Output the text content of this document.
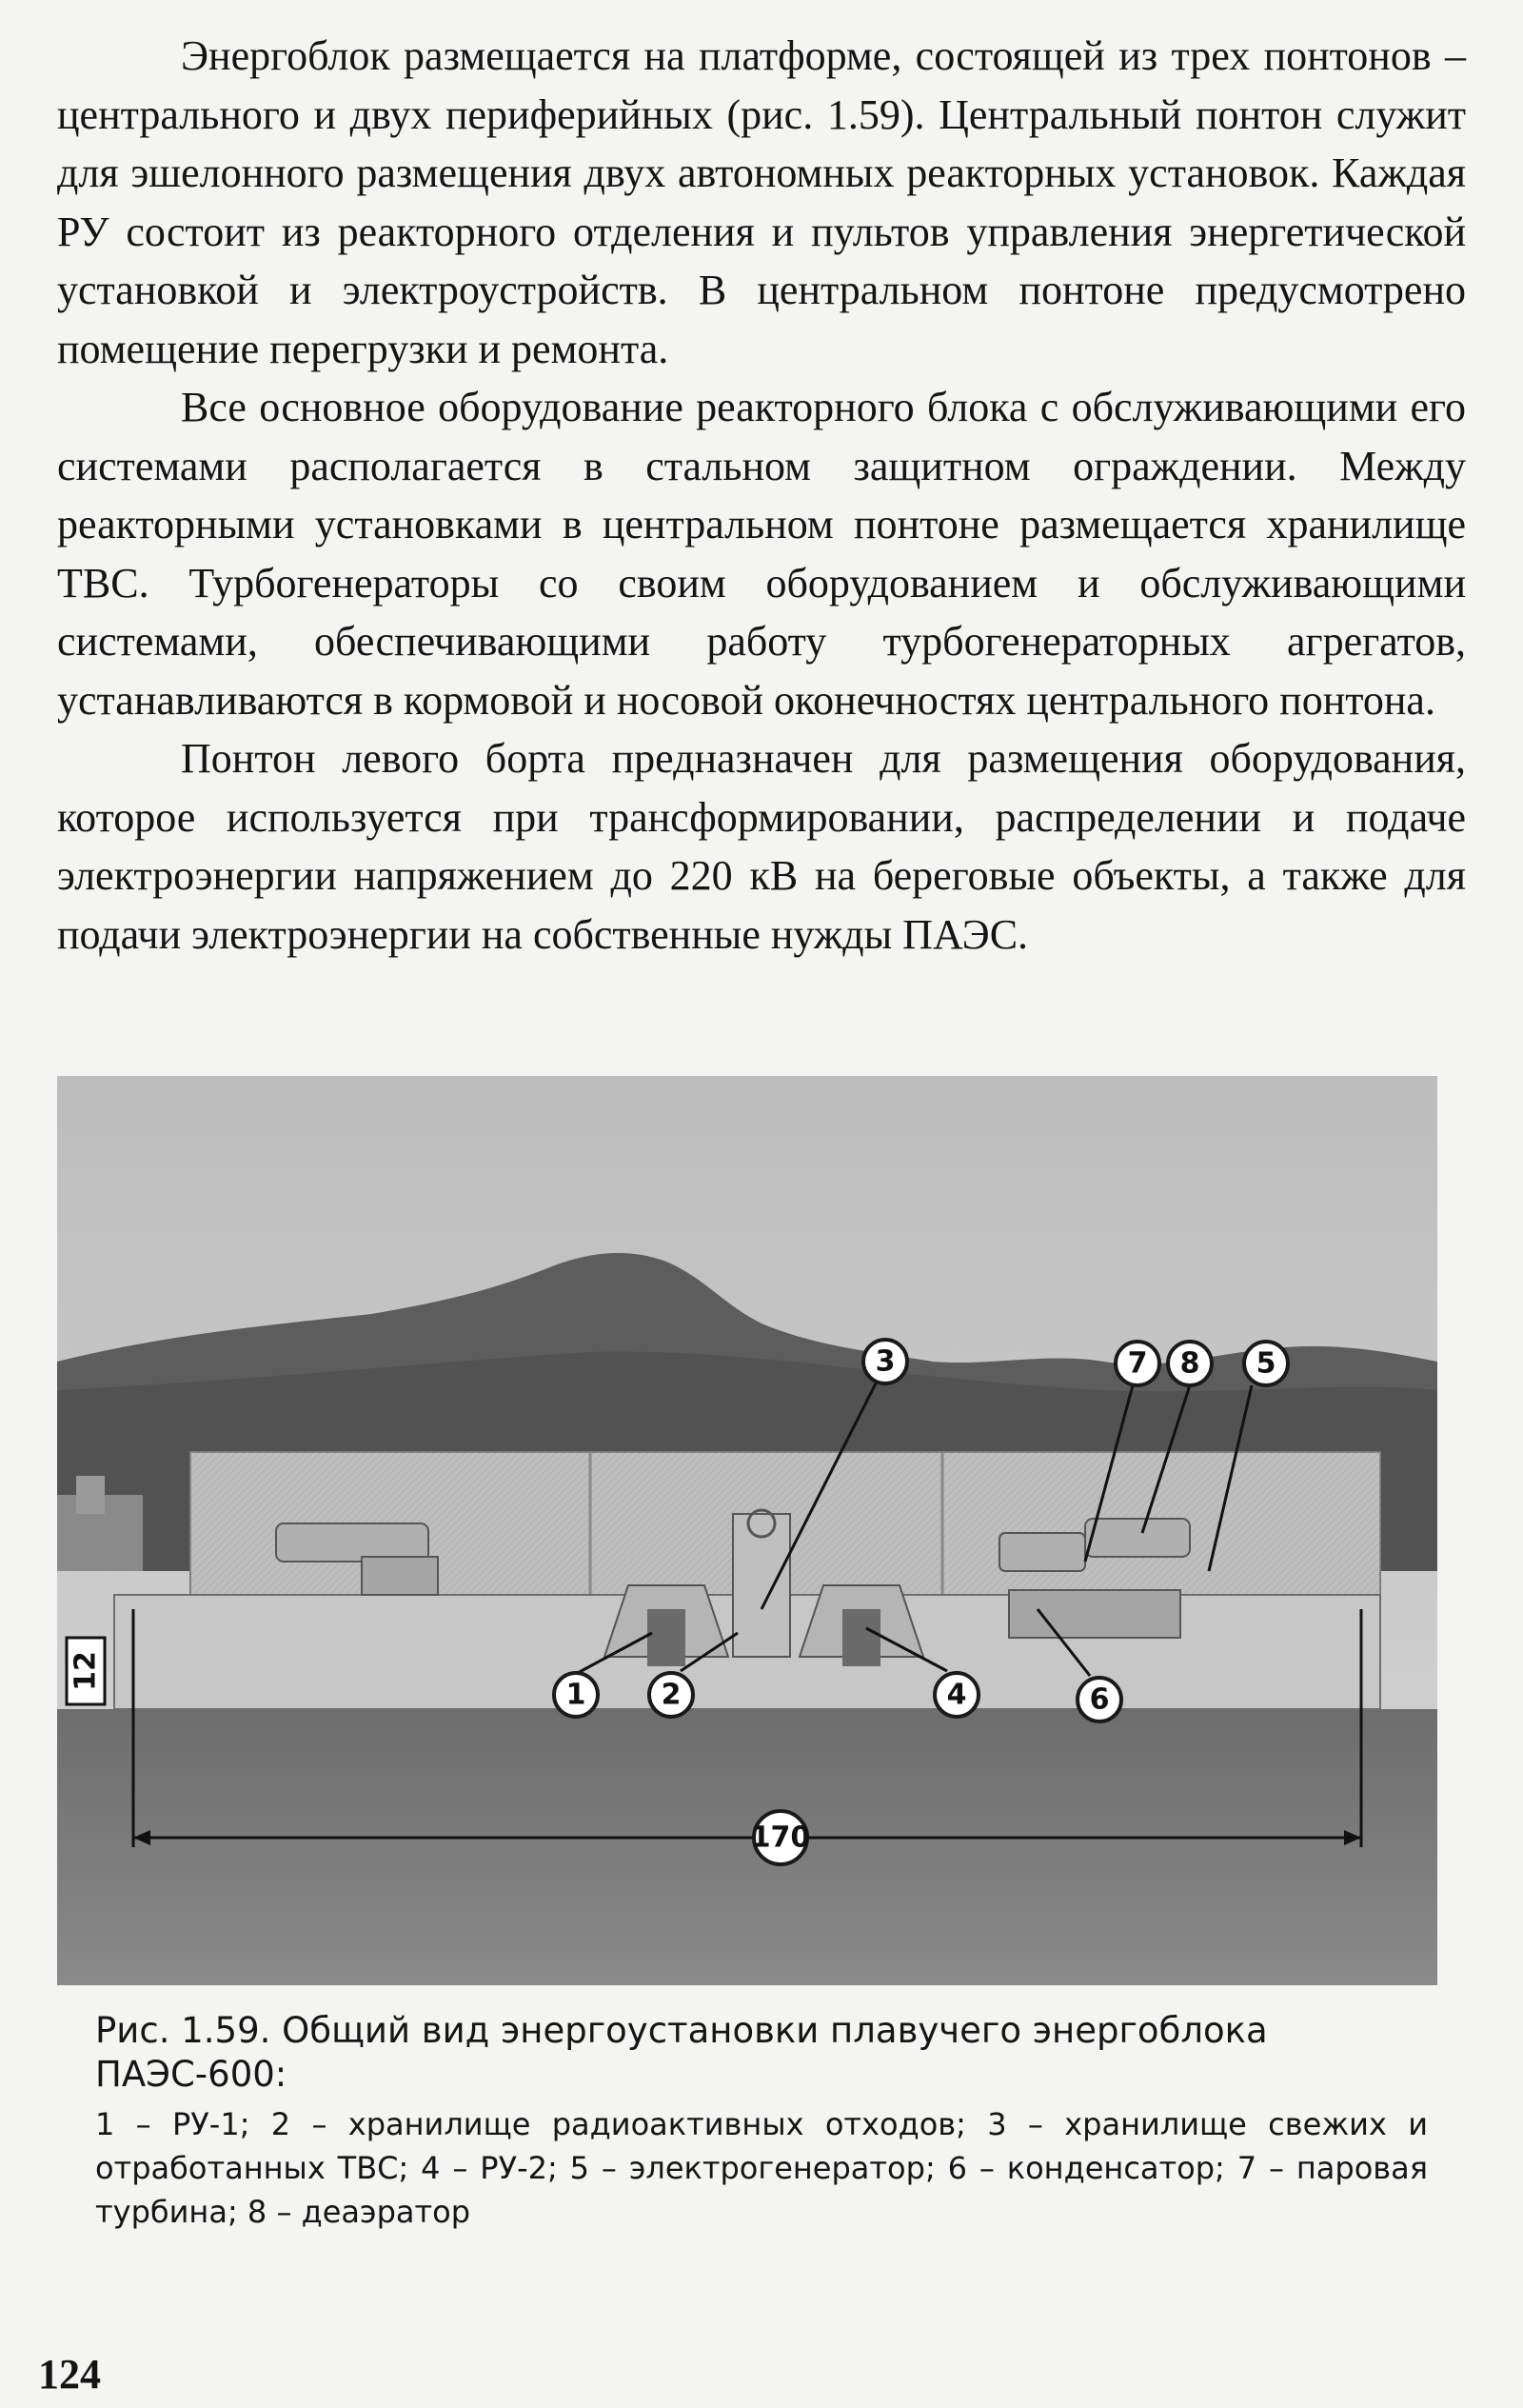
Энергоблок размещается на платформе, состоящей из трех понтонов – центрального и двух периферийных (рис. 1.59). Центральный понтон служит для эшелонного размещения двух автономных реакторных установок. Каждая РУ состоит из реакторного отделения и пультов управления энергетической установкой и электроустройств. В центральном понтоне предусмотрено помещение перегрузки и ремонта.

Все основное оборудование реакторного блока с обслуживающими его системами располагается в стальном защитном ограждении. Между реакторными установками в центральном понтоне размещается хранилище ТВС. Турбогенераторы со своим оборудованием и обслуживающими системами, обеспечивающими работу турбогенераторных агрегатов, устанавливаются в кормовой и носовой оконечностях центрального понтона.

Понтон левого борта предназначен для размещения оборудования, которое используется при трансформировании, распределении и подаче электроэнергии напряжением до 220 кВ на береговые объекты, а также для подачи электроэнергии на собственные нужды ПАЭС.

12
1	2
3
4
5
6
7 8
170

Рис. 1.59. Общий вид энергоустановки плавучего энергоблока ПАЭС-600:

1 – РУ-1; 2 – хранилище радиоактивных отходов; 3 – хранилище свежих и отработанных ТВС; 4 – РУ-2; 5 – электрогенератор; 6 – конденсатор; 7 – паровая турбина; 8 – деаэратор

124
